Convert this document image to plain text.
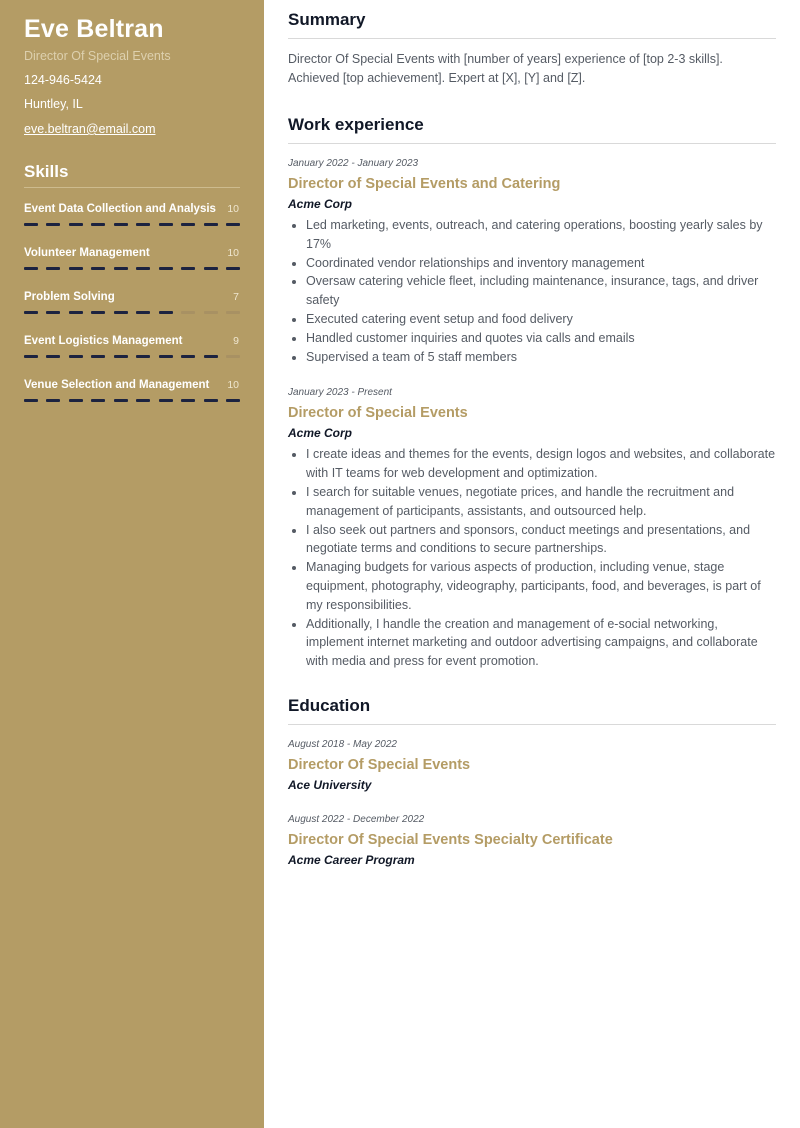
Eve Beltran
Director Of Special Events
124-946-5424
Huntley, IL
eve.beltran@email.com
Skills
Event Data Collection and Analysis 10
Volunteer Management	10
Problem Solving	7
Event Logistics Management	9
Venue Selection and Management 10
Summary

Director Of Special Events with [number of years] experience of [top 2-3 skills]. Achieved [top achievement]. Expert at [X], [Y] and [Z].

Work experience
January 2022 - January 2023
Director of Special Events and Catering
Acme Corp
• Led marketing, events, outreach, and catering operations, boosting yearly sales by 17%
• Coordinated vendor relationships and inventory management
• Oversaw catering vehicle fleet, including maintenance, insurance, tags, and driver safety
• Executed catering event setup and food delivery
• Handled customer inquiries and quotes via calls and emails
• Supervised a team of 5 staff members
January 2023 - Present
Director of Special Events
Acme Corp
• I create ideas and themes for the events, design logos and websites, and collaborate with IT teams for web development and optimization.
• I search for suitable venues, negotiate prices, and handle the recruitment and management of participants, assistants, and outsourced help.
• I also seek out partners and sponsors, conduct meetings and presentations, and negotiate terms and conditions to secure partnerships.
• Managing budgets for various aspects of production, including venue, stage equipment, photography, videography, participants, food, and beverages, is part of my responsibilities.
• Additionally, I handle the creation and management of e-social networking, implement internet marketing and outdoor advertising campaigns, and collaborate with media and press for event promotion.
Education
August 2018 - May 2022
Director Of Special Events
Ace University
August 2022 - December 2022
Director Of Special Events Specialty Certificate
Acme Career Program
